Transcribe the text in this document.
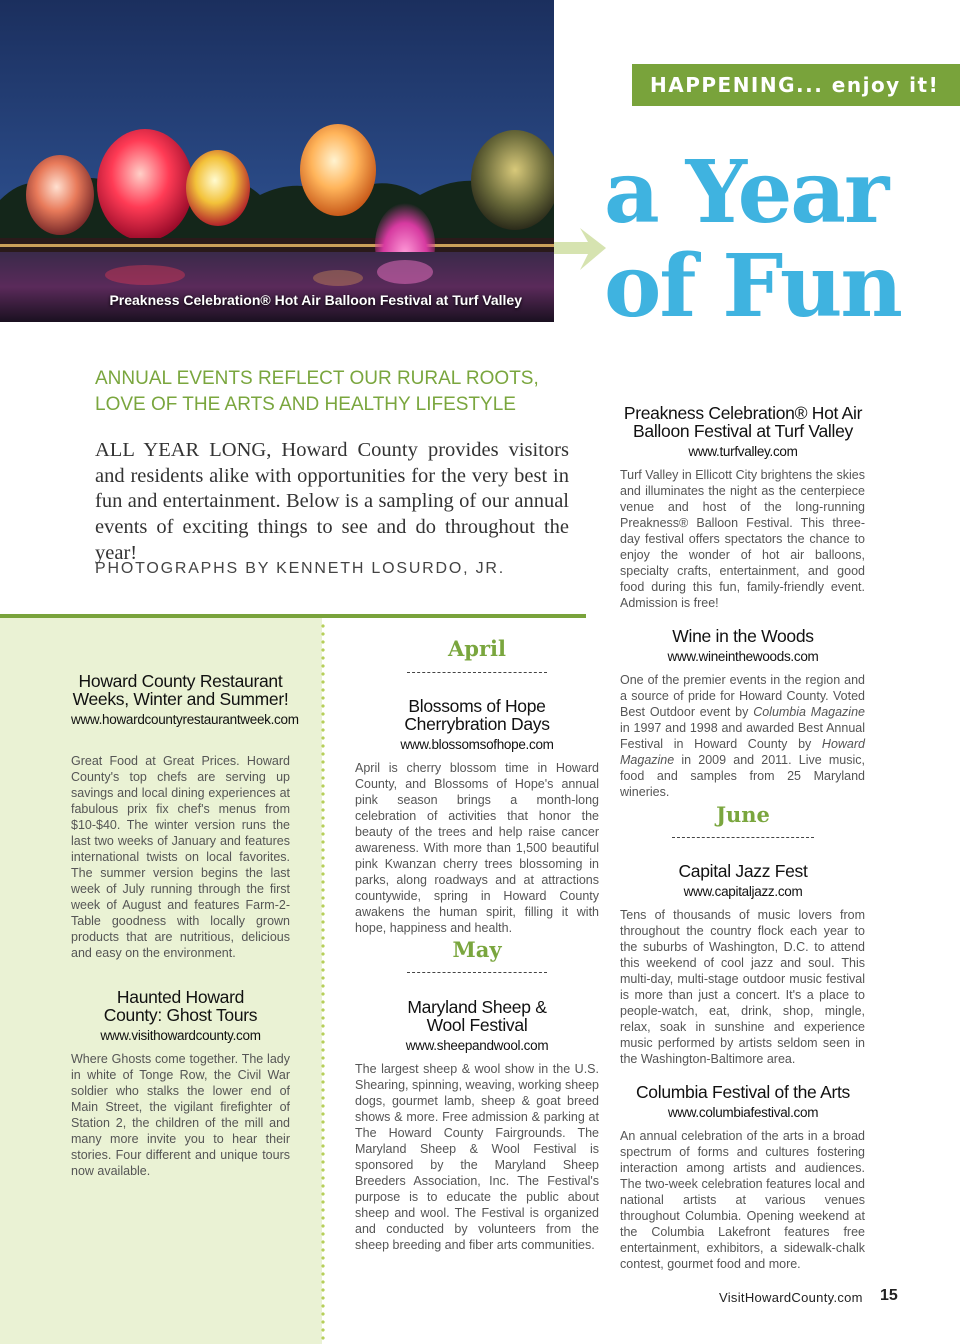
Preakness Celebration® Hot Air Balloon Festival at Turf Valley
HAPPENING... enjoy it!
a Year
of Fun
ANNUAL EVENTS REFLECT OUR RURAL ROOTS, LOVE OF THE ARTS AND HEALTHY LIFESTYLE
ALL YEAR LONG, Howard County provides visitors and residents alike with opportunities for the very best in fun and entertainment. Below is a sampling of our annual events of exciting things to see and do throughout the year!
PHOTOGRAPHS BY KENNETH LOSURDO, JR.
Howard County Restaurant Weeks, Winter and Summer!
www.howardcountyrestaurantweek.com
Great Food at Great Prices. Howard County's top chefs are serving up savings and local dining experiences at fabulous prix fix chef's menus from $10-$40. The winter version runs the last two weeks of January and features international twists on local favorites. The summer version begins the last week of July running through the first week of August and features Farm-2-Table goodness with locally grown products that are nutritious, delicious and easy on the environment.
Haunted Howard County: Ghost Tours
www.visithowardcounty.com
Where Ghosts come together. The lady in white of Tonge Row, the Civil War soldier who stalks the lower end of Main Street, the vigilant firefighter of Station 2, the children of the mill and many more invite you to hear their stories. Four different and unique tours now available.
April
Blossoms of Hope Cherrybration Days
www.blossomsofhope.com
April is cherry blossom time in Howard County, and Blossoms of Hope's annual pink season brings a month-long celebration of activities that honor the beauty of the trees and help raise cancer awareness. With more than 1,500 beautiful pink Kwanzan cherry trees blossoming in parks, along roadways and at attractions countywide, spring in Howard County awakens the human spirit, filling it with hope, happiness and health.
May
Maryland Sheep & Wool Festival
www.sheepandwool.com
The largest sheep & wool show in the U.S. Shearing, spinning, weaving, working sheep dogs, gourmet lamb, sheep & goat breed shows & more. Free admission & parking at The Howard County Fairgrounds. The Maryland Sheep & Wool Festival is sponsored by the Maryland Sheep Breeders Association, Inc. The Festival's purpose is to educate the public about sheep and wool. The Festival is organized and conducted by volunteers from the sheep breeding and fiber arts communities.
Preakness Celebration® Hot Air Balloon Festival at Turf Valley
www.turfvalley.com
Turf Valley in Ellicott City brightens the skies and illuminates the night as the centerpiece venue and host of the long-running Preakness® Balloon Festival. This three-day festival offers spectators the chance to enjoy the wonder of hot air balloons, specialty crafts, entertainment, and good food during this fun, family-friendly event. Admission is free!
Wine in the Woods
www.wineinthewoods.com
One of the premier events in the region and a source of pride for Howard County. Voted Best Outdoor event by Columbia Magazine in 1997 and 1998 and awarded Best Annual Festival in Howard County by Howard Magazine in 2009 and 2011. Live music, food and samples from 25 Maryland wineries.
June
Capital Jazz Fest
www.capitaljazz.com
Tens of thousands of music lovers from throughout the country flock each year to the suburbs of Washington, D.C. to attend this weekend of cool jazz and soul. This multi-day, multi-stage outdoor music festival is more than just a concert. It's a place to people-watch, eat, drink, shop, mingle, relax, soak in sunshine and experience music performed by artists seldom seen in the Washington-Baltimore area.
Columbia Festival of the Arts
www.columbiafestival.com
An annual celebration of the arts in a broad spectrum of forms and cultures fostering interaction among artists and audiences. The two-week celebration features local and national artists at various venues throughout Columbia. Opening weekend at the Columbia Lakefront features free entertainment, exhibitors, a sidewalk-chalk contest, gourmet food and more.
VisitHowardCounty.com 15
